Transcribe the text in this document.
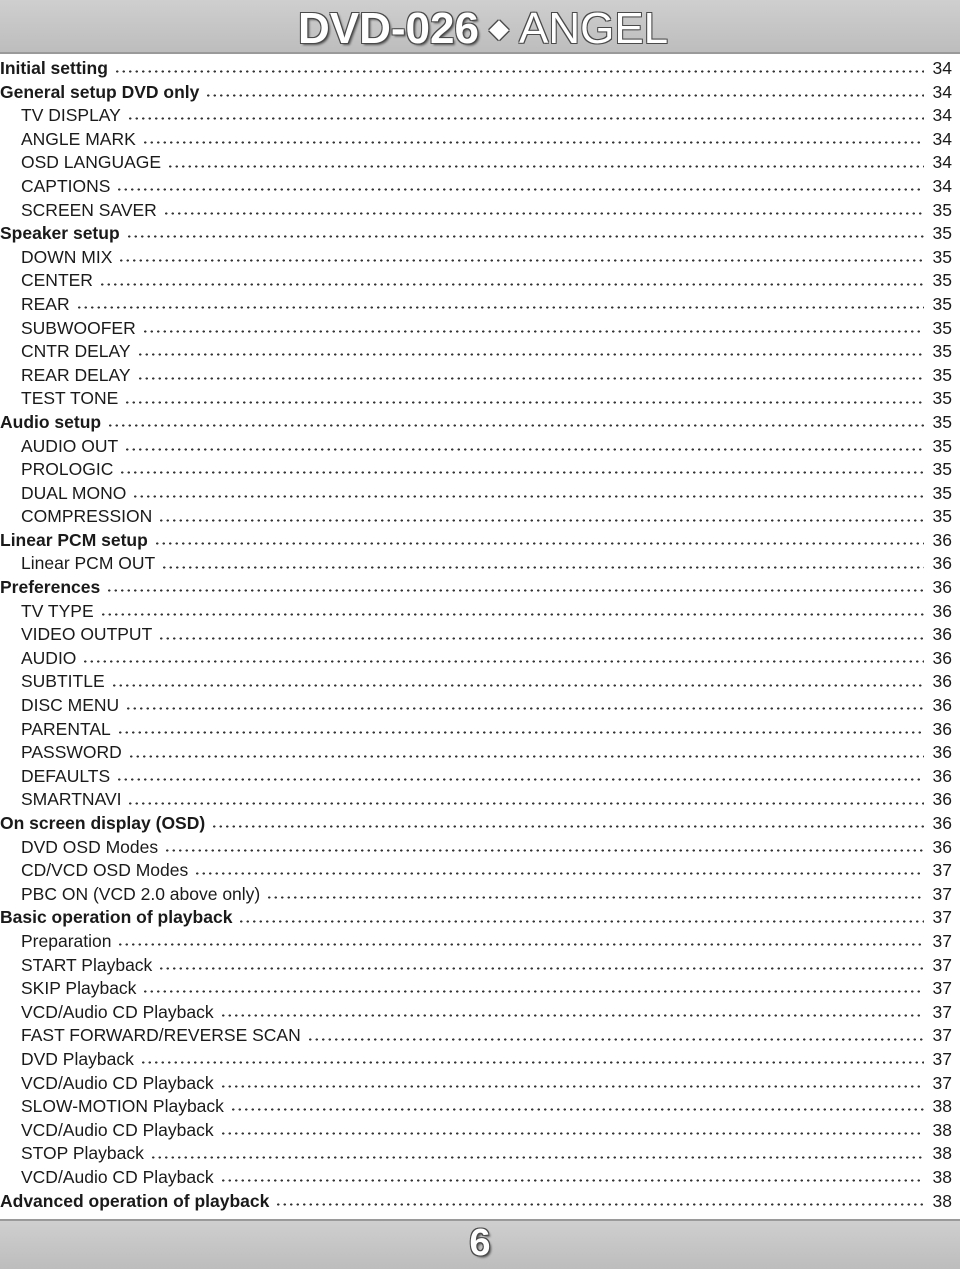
DVD-026 ◆ ANGEL
Initial setting	34
General setup DVD only	34
TV DISPLAY	34
ANGLE MARK	34
OSD LANGUAGE	34
CAPTIONS	34
SCREEN SAVER	35
Speaker setup	35
DOWN MIX	35
CENTER	35
REAR	35
SUBWOOFER	35
CNTR DELAY	35
REAR DELAY	35
TEST TONE	35
Audio setup	35
AUDIO OUT	35
PROLOGIC	35
DUAL MONO	35
COMPRESSION	35
Linear PCM setup	36
Linear PCM OUT	36
Preferences	36
TV TYPE	36
VIDEO OUTPUT	36
AUDIO	36
SUBTITLE	36
DISC MENU	36
PARENTAL	36
PASSWORD	36
DEFAULTS	36
SMARTNAVI	36
On screen display (OSD)	36
DVD OSD Modes	36
CD/VCD OSD Modes	37
PBC ON (VCD 2.0 above only)	37
Basic operation of playback	37
Preparation	37
START Playback	37
SKIP Playback	37
VCD/Audio CD Playback	37
FAST FORWARD/REVERSE SCAN	37
DVD Playback	37
VCD/Audio CD Playback	37
SLOW-MOTION Playback	38
VCD/Audio CD Playback	38
STOP Playback	38
VCD/Audio CD Playback	38
Advanced operation of playback	38
6
